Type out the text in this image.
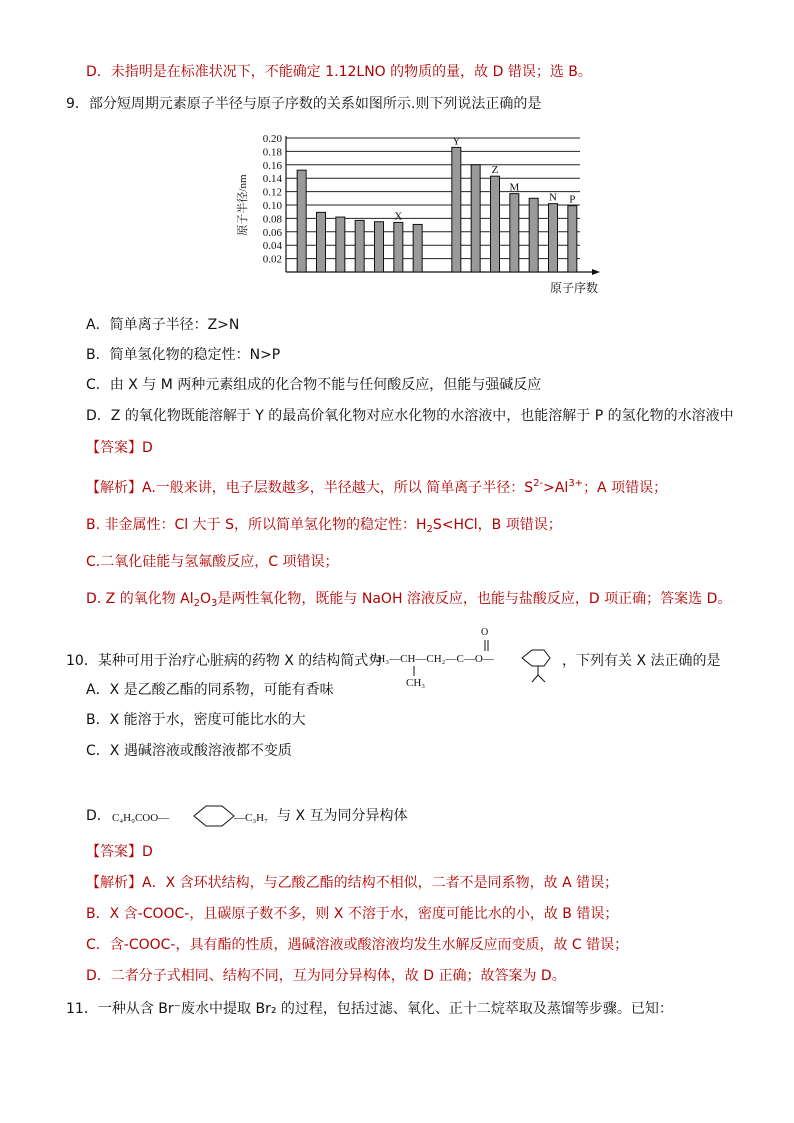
D．未指明是在标准状况下，不能确定 1.12LNO 的物质的量，故 D 错误；选 B。
9．部分短周期元素原子半径与原子序数的关系如图所示.则下列说法正确的是
0.20
0.18
0.16
0.14
0.12
0.10
0.08
0.06
0.04
0.02
原子半径/nm
原子序数
X
Y
Z
M
N P
A．简单离子半径：Z>N
B．简单氢化物的稳定性：N>P
C．由 X 与 M 两种元素组成的化合物不能与任何酸反应，但能与强碱反应
D．Z 的氧化物既能溶解于 Y 的最高价氧化物对应水化物的水溶液中，也能溶解于 P 的氢化物的水溶液中
【答案】D
【解析】A.一般来讲，电子层数越多，半径越大，所以 简单离子半径：$S^{2-}>Al^{3+}$；A 项错误；
B. 非金属性：Cl 大于 S，所以简单氢化物的稳定性：$H_2S<HCl$，B 项错误；
C.二氧化硅能与氢氟酸反应，C 项错误；
D. Z 的氧化物 $Al_2O_3$是两性氧化物，既能与 NaOH 溶液反应，也能与盐酸反应，D 项正确；答案选 D。
10．某种可用于治疗心脏病的药物 X 的结构简式为
CH₃—CH—CH₂—C—O—
O
CH₃
，下列有关 X 法正确的是
A．X 是乙酸乙酯的同系物，可能有香味
B．X 能溶于水，密度可能比水的大
C．X 遇碱溶液或酸溶液都不变质
D． C₄H₉COO—	—C₃H₇ 与 X 互为同分异构体
【答案】D
【解析】A．X 含环状结构，与乙酸乙酯的结构不相似，二者不是同系物，故 A 错误；
B．X 含-COOC-，且碳原子数不多，则 X 不溶于水，密度可能比水的小，故 B 错误；
C．含-COOC-，具有酯的性质，遇碱溶液或酸溶液均发生水解反应而变质，故 C 错误；
D．二者分子式相同、结构不同，互为同分异构体，故 D 正确；故答案为 D。
11．一种从含 Br⁻废水中提取 Br₂ 的过程，包括过滤、氧化、正十二烷萃取及蒸馏等步骤。已知：
